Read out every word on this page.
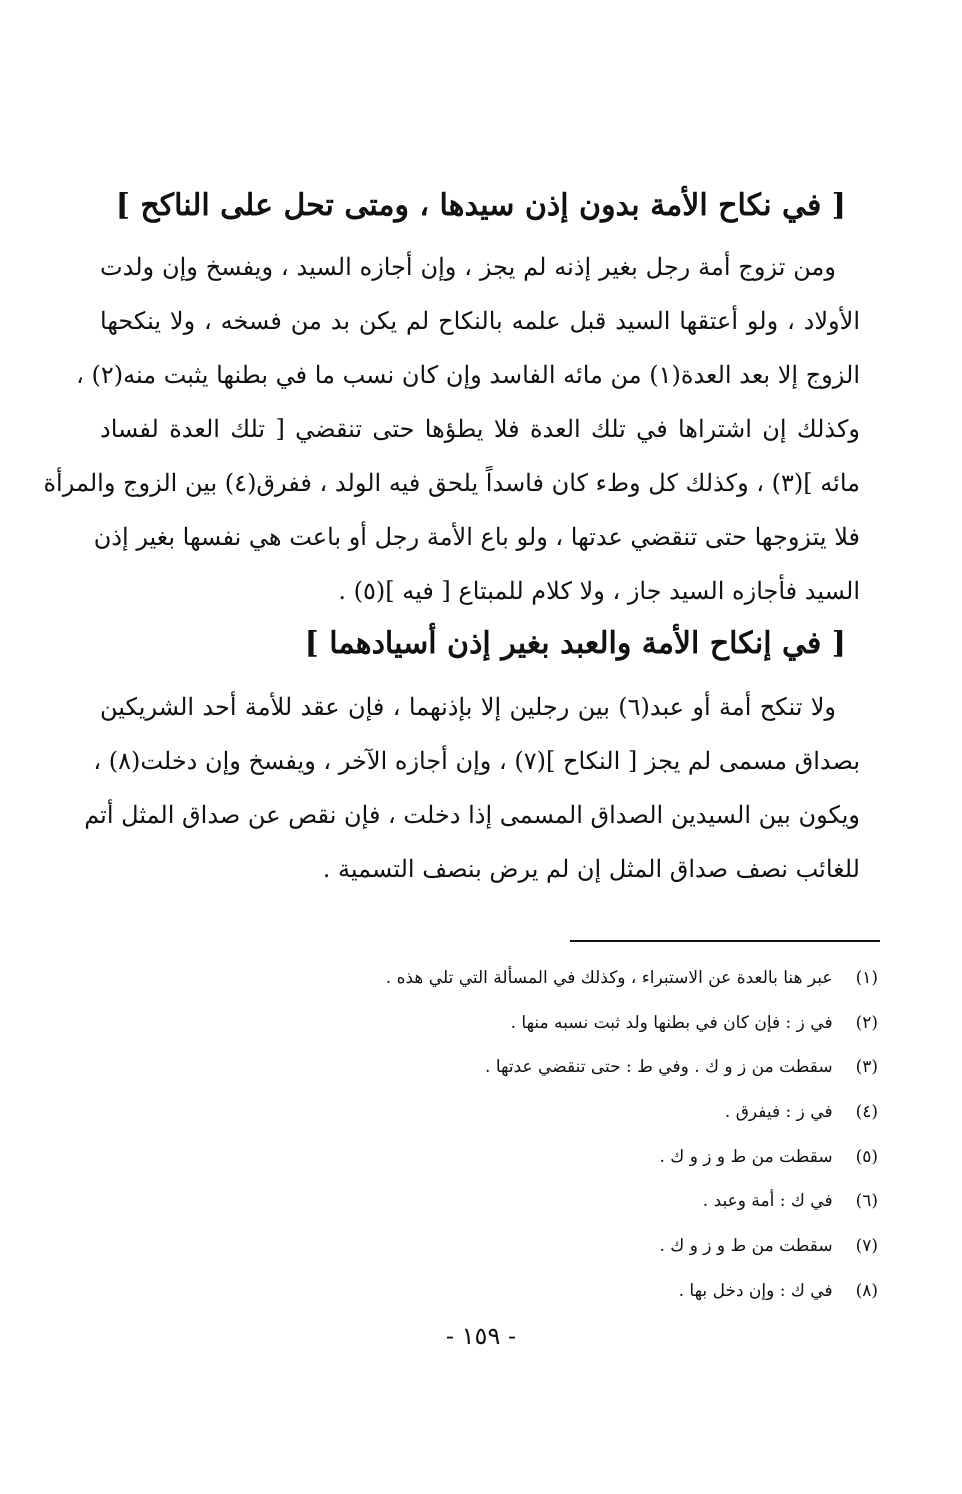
[ في نكاح الأمة بدون إذن سيدها ، ومتى تحل على الناكح ]
ومن تزوج أمة رجل بغير إذنه لم يجز ، وإن أجازه السيد ، ويفسخ وإن ولدت
الأولاد ، ولو أعتقها السيد قبل علمه بالنكاح لم يكن بد من فسخه ، ولا ينكحها
الزوج إلا بعد العدة(١) من مائه الفاسد وإن كان نسب ما في بطنها يثبت منه(٢) ،
وكذلك إن اشتراها في تلك العدة فلا يطؤها حتى تنقضي [ تلك العدة لفساد
مائه ](٣) ، وكذلك كل وطء كان فاسداً يلحق فيه الولد ، ففرق(٤) بين الزوج والمرأة
فلا يتزوجها حتى تنقضي عدتها ، ولو باع الأمة رجل أو باعت هي نفسها بغير إذن
السيد فأجازه السيد جاز ، ولا كلام للمبتاع [ فيه ](٥) .
[ في إنكاح الأمة والعبد بغير إذن أسيادهما ]
ولا تنكح أمة أو عبد(٦) بين رجلين إلا بإذنهما ، فإن عقد للأمة أحد الشريكين
بصداق مسمى لم يجز [ النكاح ](٧) ، وإن أجازه الآخر ، ويفسخ وإن دخلت(٨) ،
ويكون بين السيدين الصداق المسمى إذا دخلت ، فإن نقص عن صداق المثل أتم
للغائب نصف صداق المثل إن لم يرض بنصف التسمية .
(١) عبر هنا بالعدة عن الاستبراء ، وكذلك في المسألة التي تلي هذه .
(٢) في ز : فإن كان في بطنها ولد ثبت نسبه منها .
(٣) سقطت من ز و ك . وفي ط : حتى تنقضي عدتها .
(٤) في ز : فيفرق .
(٥) سقطت من ط و ز و ك .
(٦) في ك : أمة وعبد .
(٧) سقطت من ط و ز و ك .
(٨) في ك : وإن دخل بها .
- ١٥٩ -
